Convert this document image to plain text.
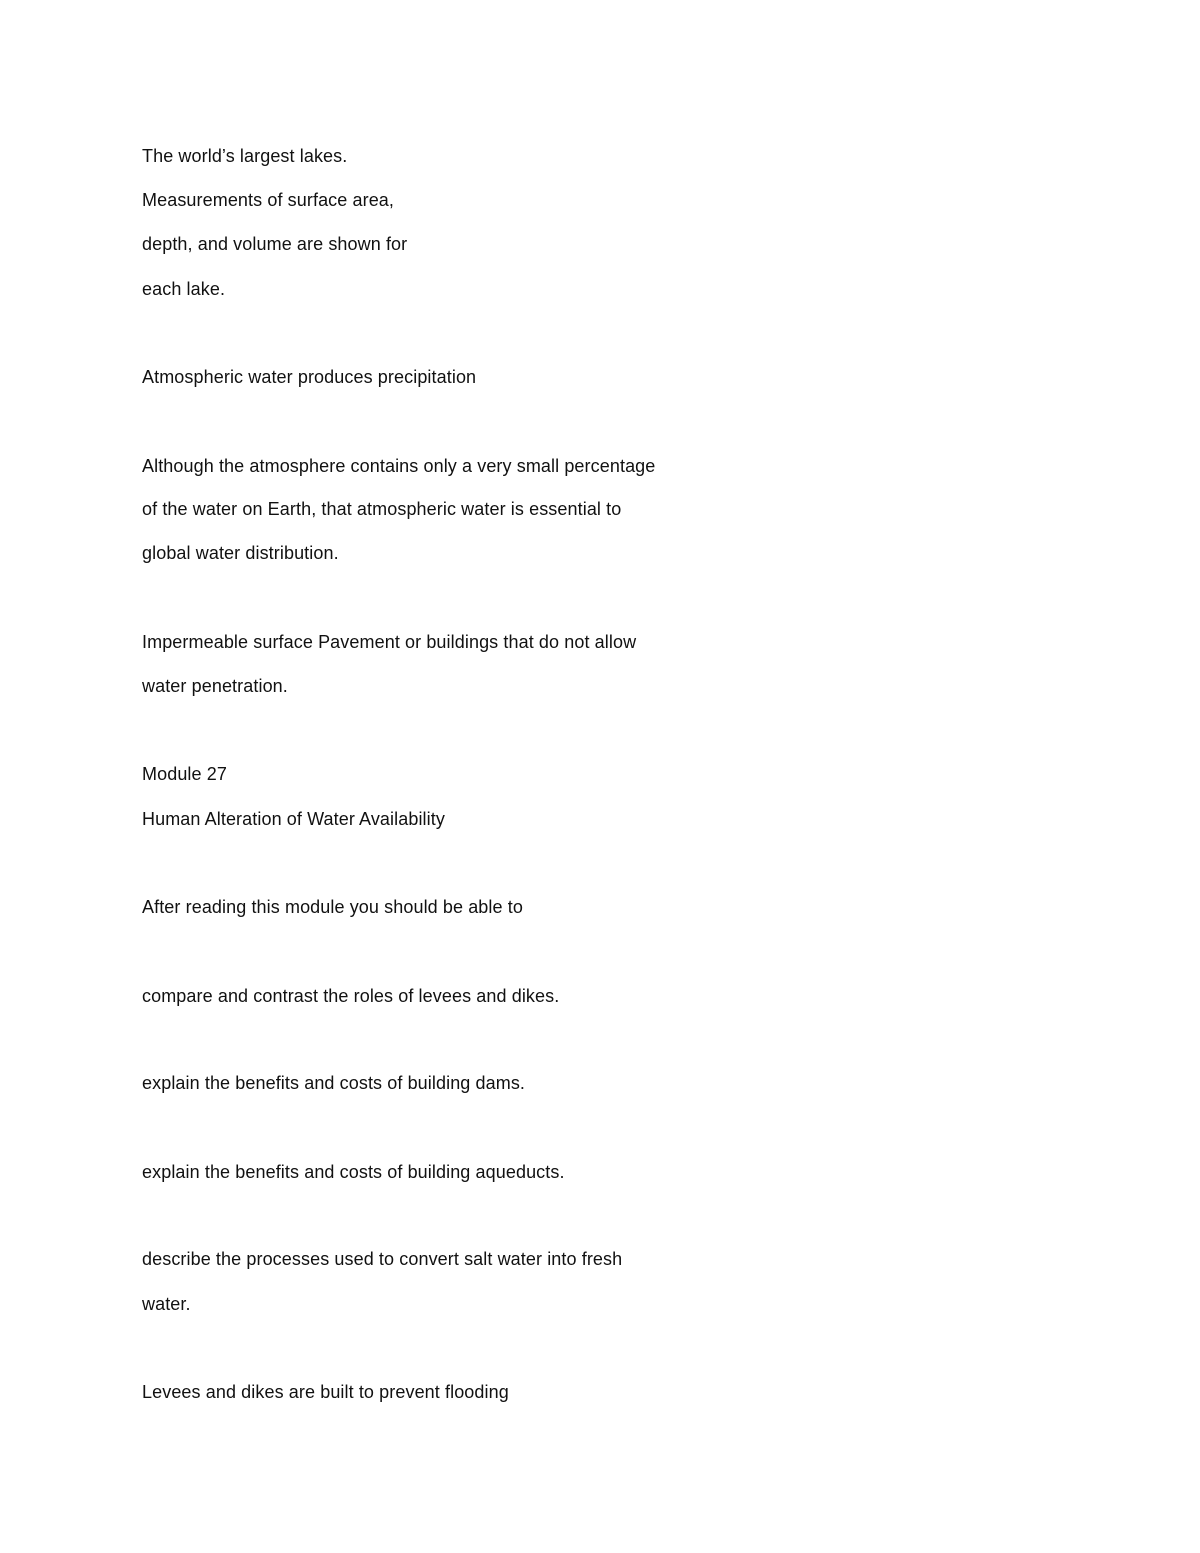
The world’s largest lakes.
Measurements of surface area,
depth, and volume are shown for
each lake.
Atmospheric water produces precipitation
Although the atmosphere contains only a very small percentage
of the water on Earth, that atmospheric water is essential to
global water distribution.
Impermeable surface Pavement or buildings that do not allow
water penetration.
Module 27
Human Alteration of Water Availability
After reading this module you should be able to
compare and contrast the roles of levees and dikes.
explain the benefits and costs of building dams.
explain the benefits and costs of building aqueducts.
describe the processes used to convert salt water into fresh
water.
Levees and dikes are built to prevent flooding
